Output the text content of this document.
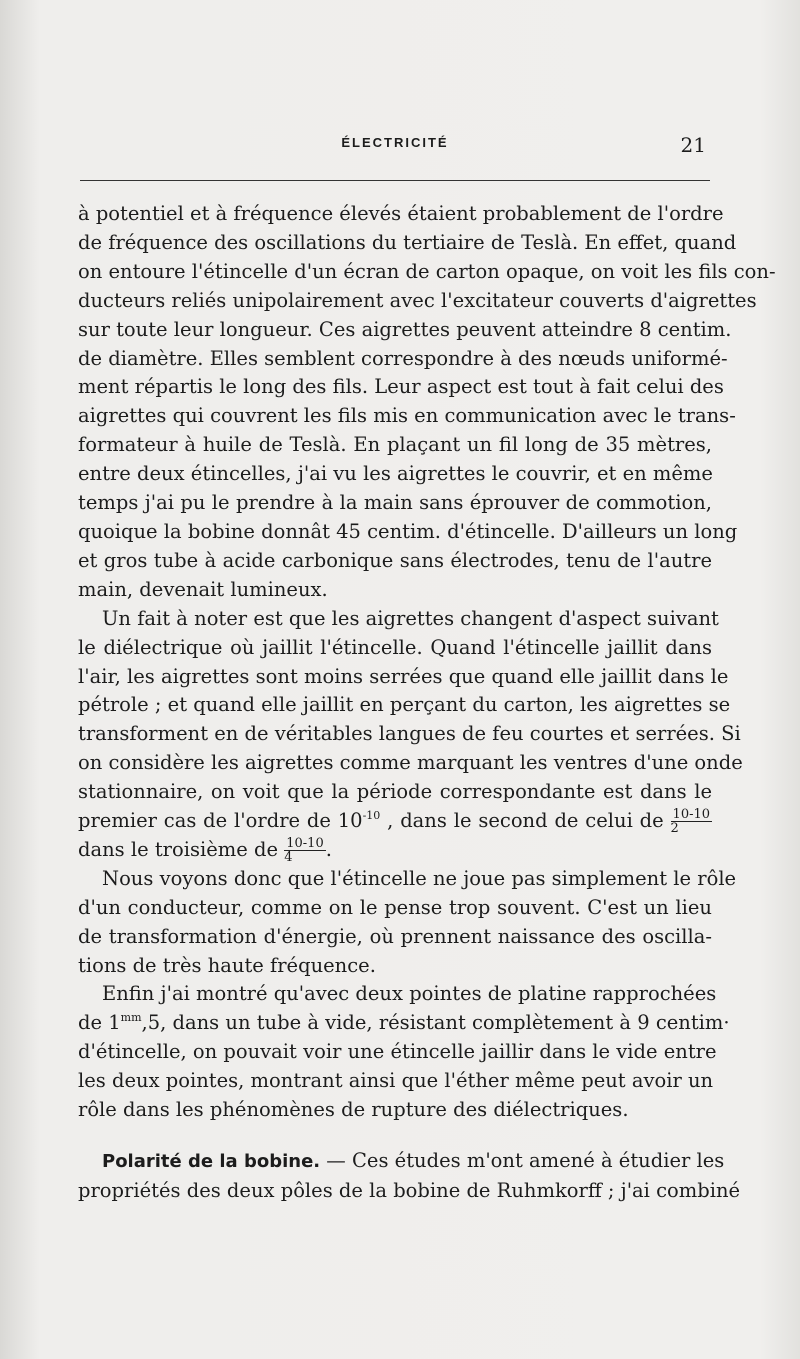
ÉLECTRICITÉ	21
à potentiel et à fréquence élevés étaient probablement de l'ordre
de fréquence des oscillations du tertiaire de Teslà. En effet, quand
on entoure l'étincelle d'un écran de carton opaque, on voit les fils con-
ducteurs reliés unipolairement avec l'excitateur couverts d'aigrettes
sur toute leur longueur. Ces aigrettes peuvent atteindre 8 centim.
de diamètre. Elles semblent correspondre à des nœuds uniformé-
ment répartis le long des fils. Leur aspect est tout à fait celui des
aigrettes qui couvrent les fils mis en communication avec le trans-
formateur à huile de Teslà. En plaçant un fil long de 35 mètres,
entre deux étincelles, j'ai vu les aigrettes le couvrir, et en même
temps j'ai pu le prendre à la main sans éprouver de commotion,
quoique la bobine donnât 45 centim. d'étincelle. D'ailleurs un long
et gros tube à acide carbonique sans électrodes, tenu de l'autre
main, devenait lumineux.
Un fait à noter est que les aigrettes changent d'aspect suivant
le diélectrique où jaillit l'étincelle. Quand l'étincelle jaillit dans
l'air, les aigrettes sont moins serrées que quand elle jaillit dans le
pétrole ; et quand elle jaillit en perçant du carton, les aigrettes se
transforment en de véritables langues de feu courtes et serrées. Si
on considère les aigrettes comme marquant les ventres d'une onde
stationnaire, on voit que la période correspondante est dans le
premier cas de l'ordre de $10^{-10}$ , dans le second de celui de $\frac{10-10}{2}$
dans le troisième de $\frac{10-10}{4}$ .
Nous voyons donc que l'étincelle ne joue pas simplement le rôle
d'un conducteur, comme on le pense trop souvent. C'est un lieu
de transformation d'énergie, où prennent naissance des oscilla-
tions de très haute fréquence.
Enfin j'ai montré qu'avec deux pointes de platine rapprochées
de $1^{mm},5$, dans un tube à vide, résistant complètement à 9 centim·
d'étincelle, on pouvait voir une étincelle jaillir dans le vide entre
les deux pointes, montrant ainsi que l'éther même peut avoir un
rôle dans les phénomènes de rupture des diélectriques.
Polarité de la bobine. — Ces études m'ont amené à étudier les
propriétés des deux pôles de la bobine de Ruhmkorff ; j'ai combiné
